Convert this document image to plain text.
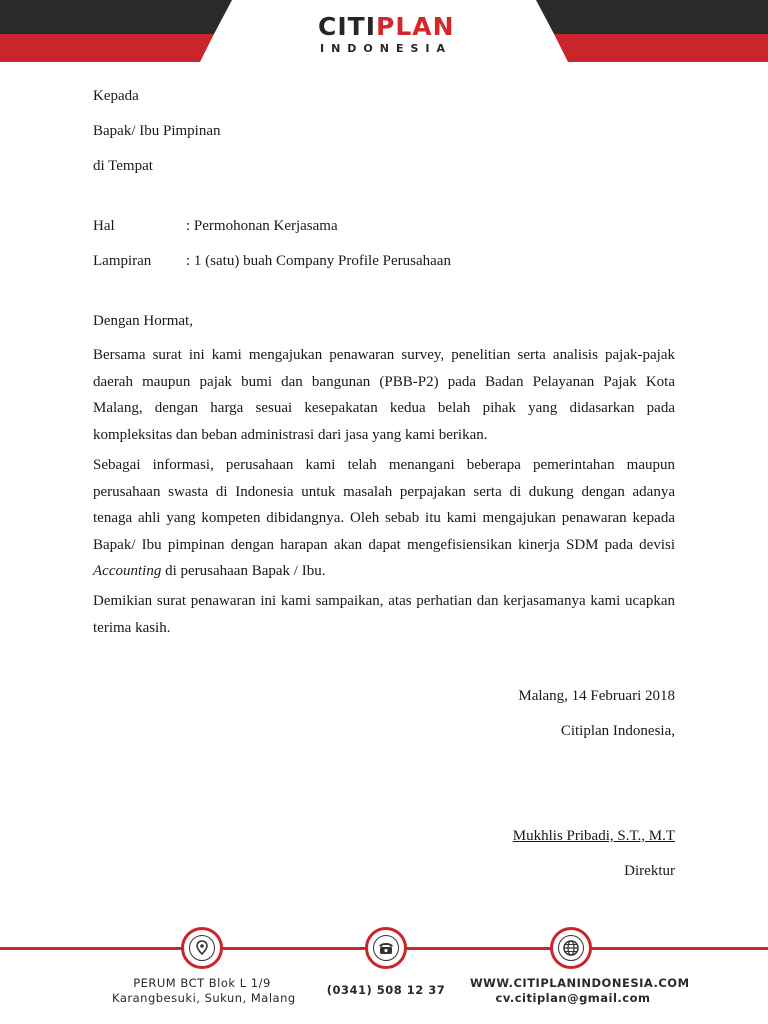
CITIPLAN
INDONESIA
Kepada
Bapak/ Ibu Pimpinan
di Tempat
Hal	: Permohonan Kerjasama
Lampiran : 1 (satu) buah Company Profile Perusahaan
Dengan Hormat,
Bersama surat ini kami mengajukan penawaran survey, penelitian serta analisis pajak-pajak
daerah maupun pajak bumi dan bangunan (PBB-P2) pada Badan Pelayanan Pajak Kota
Malang, dengan harga sesuai kesepakatan kedua belah pihak yang didasarkan pada
kompleksitas dan beban administrasi dari jasa yang kami berikan.
Sebagai informasi, perusahaan kami telah menangani beberapa pemerintahan maupun
perusahaan swasta di Indonesia untuk masalah perpajakan serta di dukung dengan adanya
tenaga ahli yang kompeten dibidangnya. Oleh sebab itu kami mengajukan penawaran kepada
Bapak/ Ibu pimpinan dengan harapan akan dapat mengefisiensikan kinerja SDM pada devisi
Accounting di perusahaan Bapak / Ibu.
Demikian surat penawaran ini kami sampaikan, atas perhatian dan kerjasamanya kami ucapkan
terima kasih.
Malang, 14 Februari 2018
Citiplan Indonesia,
Mukhlis Pribadi, S.T., M.T
Direktur
PERUM BCT Blok L 1/9
Karangbesuki, Sukun, Malang
(0341) 508 12 37 WWW.CITIPLANINDONESIA.COM
cv.citiplan@gmail.com
